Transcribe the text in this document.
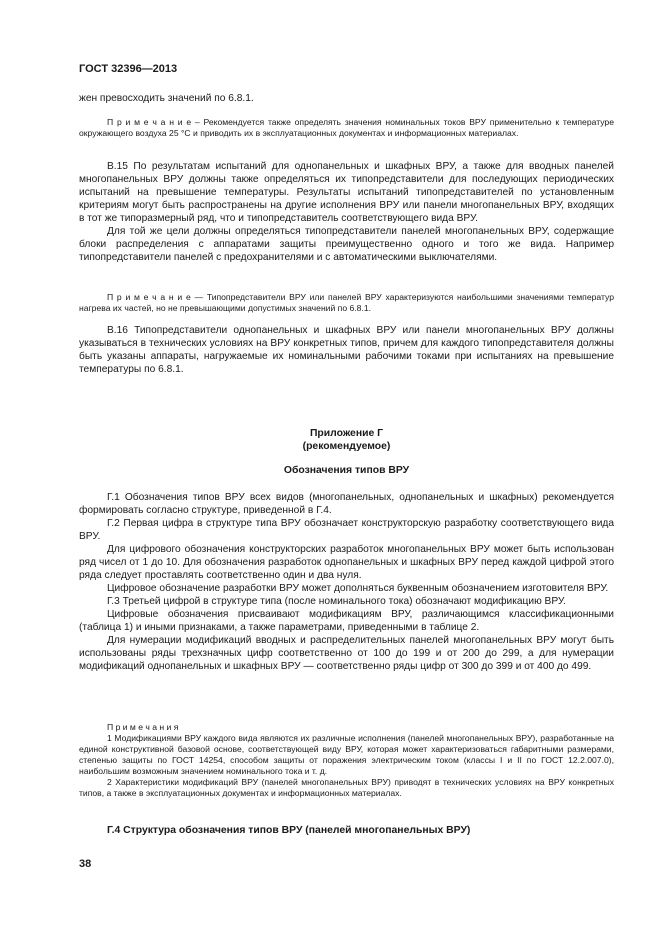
ГОСТ 32396—2013

жен превосходить значений по 6.8.1.

П р и м е ч а н и е – Рекомендуется также определять значения номинальных токов ВРУ применительно к температуре окружающего воздуха 25 °С и приводить их в эксплуатационных документах и информационных материалах.

В.15 По результатам испытаний для однопанельных и шкафных ВРУ, а также для вводных панелей многопанельных ВРУ должны также определяться их типопредставители для последующих периодических испытаний на превышение температуры. Результаты испытаний типопредставителей по установленным критериям могут быть распространены на другие исполнения ВРУ или панели многопанельных ВРУ, входящих в тот же типоразмерный ряд, что и типопредставитель соответствующего вида ВРУ.

Для той же цели должны определяться типопредставители панелей многопанельных ВРУ, содержащие блоки распределения с аппаратами защиты преимущественно одного и того же вида. Например типопредставители панелей с предохранителями и с автоматическими выключателями.

П р и м е ч а н и е — Типопредставители ВРУ или панелей ВРУ характеризуются наибольшими значениями температур нагрева их частей, но не превышающими допустимых значений по 6.8.1.

В.16 Типопредставители однопанельных и шкафных ВРУ или панели многопанельных ВРУ должны указываться в технических условиях на ВРУ конкретных типов, причем для каждого типопредставителя должны быть указаны аппараты, нагружаемые их номинальными рабочими токами при испытаниях на превышение температуры по 6.8.1.

Приложение Г
(рекомендуемое)
Обозначения типов ВРУ

Г.1 Обозначения типов ВРУ всех видов (многопанельных, однопанельных и шкафных) рекомендуется формировать согласно структуре, приведенной в Г.4.

Г.2 Первая цифра в структуре типа ВРУ обозначает конструкторскую разработку соответствующего вида ВРУ.

Для цифрового обозначения конструкторских разработок многопанельных ВРУ может быть использован ряд чисел от 1 до 10. Для обозначения разработок однопанельных и шкафных ВРУ перед каждой цифрой этого ряда следует проставлять соответственно один и два нуля.

Цифровое обозначение разработки ВРУ может дополняться буквенным обозначением изготовителя ВРУ.

Г.3 Третьей цифрой в структуре типа (после номинального тока) обозначают модификацию ВРУ.

Цифровые обозначения присваивают модификациям ВРУ, различающимся классификационными (таблица 1) и иными признаками, а также параметрами, приведенными в таблице 2.

Для нумерации модификаций вводных и распределительных панелей многопанельных ВРУ могут быть использованы ряды трехзначных цифр соответственно от 100 до 199 и от 200 до 299, а для нумерации модификаций однопанельных и шкафных ВРУ — соответственно ряды цифр от 300 до 399 и от 400 до 499.

П р и м е ч а н и я

1 Модификациями ВРУ каждого вида являются их различные исполнения (панелей многопанельных ВРУ), разработанные на единой конструктивной базовой основе, соответствующей виду ВРУ, которая может характеризоваться габаритными размерами, степенью защиты по ГОСТ 14254, способом защиты от поражения электрическим током (классы I и II по ГОСТ 12.2.007.0), наибольшим возможным значением номинального тока и т. д.

2 Характеристики модификаций ВРУ (панелей многопанельных ВРУ) приводят в технических условиях на ВРУ конкретных типов, а также в эксплуатационных документах и информационных материалах.

Г.4 Структура обозначения типов ВРУ (панелей многопанельных ВРУ)
38
